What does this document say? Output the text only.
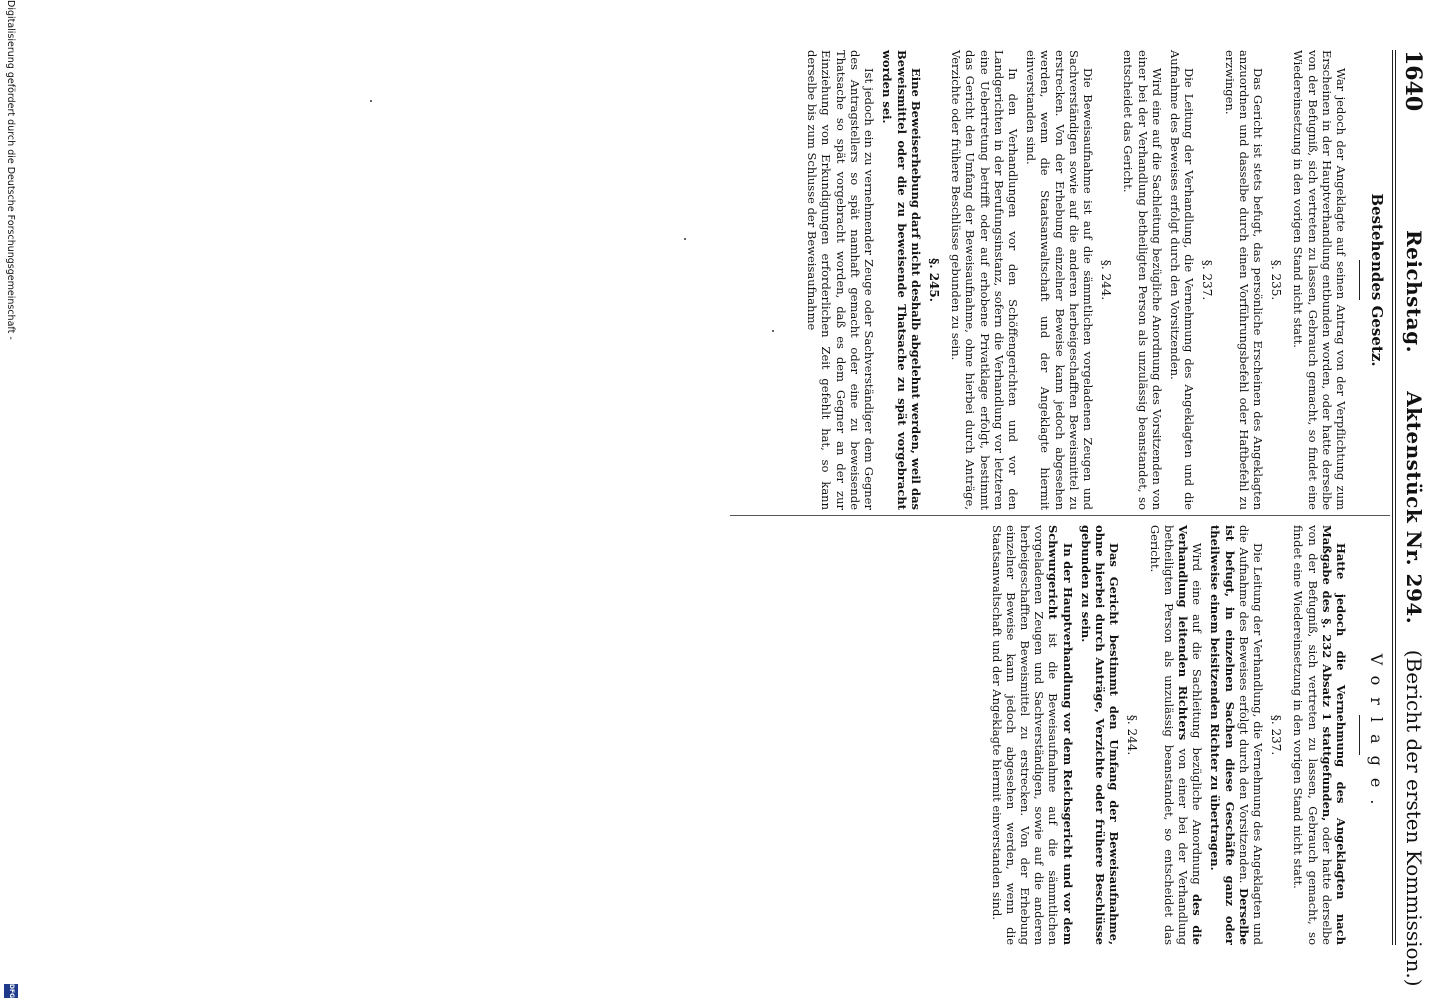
1640
Reichstag.      Aktenstück Nr. 294.    (Bericht der ersten Kommission.)
Bestehendes Gesetz.
Vorlage.

War jedoch der Angeklagte auf seinen Antrag von der Verpflichtung zum Erscheinen in der Hauptverhandlung entbunden worden, oder hatte derselbe von der Befugniß, sich vertreten zu lassen, Gebrauch gemacht, so findet eine Wiedereinsetzung in den vorigen Stand nicht statt.

§. 235.

Das Gericht ist stets befugt, das persönliche Erscheinen des Angeklagten anzuordnen und dasselbe durch einen Vorführungsbefehl oder Haftbefehl zu erzwingen.

§. 237.

Die Leitung der Verhandlung, die Vernehmung des Angeklagten und die Aufnahme des Beweises erfolgt durch den Vorsitzenden.

Wird eine auf die Sachleitung bezügliche Anordnung des Vorsitzenden von einer bei der Verhandlung betheiligten Person als unzulässig beanstandet, so entscheidet das Gericht.

§. 244.

Die Beweisaufnahme ist auf die sämmtlichen vorgeladenen Zeugen und Sachverständigen sowie auf die anderen herbeigeschafften Beweismittel zu erstrecken. Von der Erhebung einzelner Beweise kann jedoch abgesehen werden, wenn die Staatsanwaltschaft und der Angeklagte hiermit einverstanden sind.

In den Verhandlungen vor den Schöffengerichten und vor den Landgerichten in der Berufungsinstanz, sofern die Verhandlung vor letzteren eine Uebertretung betrifft oder auf erhobene Privatklage erfolgt, bestimmt das Gericht den Umfang der Beweisaufnahme, ohne hierbei durch Anträge, Verzichte oder frühere Beschlüsse gebunden zu sein.

§. 245.

Eine Beweiserhebung darf nicht deshalb abgelehnt werden, weil das Beweismittel oder die zu beweisende Thatsache zu spät vorgebracht worden sei.

Ist jedoch ein zu vernehmender Zeuge oder Sachverständiger dem Gegner des Antragstellers so spät namhaft gemacht oder eine zu beweisende Thatsache so spät vorgebracht worden, daß es dem Gegner an der zur Einziehung von Erkundigungen erforderlichen Zeit gefehlt hat, so kann derselbe bis zum Schlusse der Beweisaufnahme

Hatte jedoch die Vernehmung des Angeklagten nach Maßgabe des §. 232 Absatz 1 stattgefunden, oder hatte derselbe von der Befugniß, sich vertreten zu lassen, Gebrauch gemacht, so findet eine Wiedereinsetzung in den vorigen Stand nicht statt.

§. 237.

Die Leitung der Verhandlung, die Vernehmung des Angeklagten und die Aufnahme des Beweises erfolgt durch den Vorsitzenden. Derselbe ist befugt, in einzelnen Sachen diese Geschäfte ganz oder theilweise einem beisitzenden Richter zu übertragen.

Wird eine auf die Sachleitung bezügliche Anordnung des die Verhandlung leitenden Richters von einer bei der Verhandlung betheiligten Person als unzulässig beanstandet, so entscheidet das Gericht.

§. 244.

Das Gericht bestimmt den Umfang der Beweisaufnahme, ohne hierbei durch Anträge, Verzichte oder frühere Beschlüsse gebunden zu sein.

In der Hauptverhandlung vor dem Reichsgericht und vor dem Schwurgericht ist die Beweisaufnahme auf die sämmtlichen vorgeladenen Zeugen und Sachverständigen, sowie auf die anderen herbeigeschafften Beweismittel zu erstrecken. Von der Erhebung einzelner Beweise kann jedoch abgesehen werden, wenn die Staatsanwaltschaft und der Angeklagte hiermit einverstanden sind.

Digitalisierung gefördert durch die Deutsche Forschungsgemeinschaft -
DFG
